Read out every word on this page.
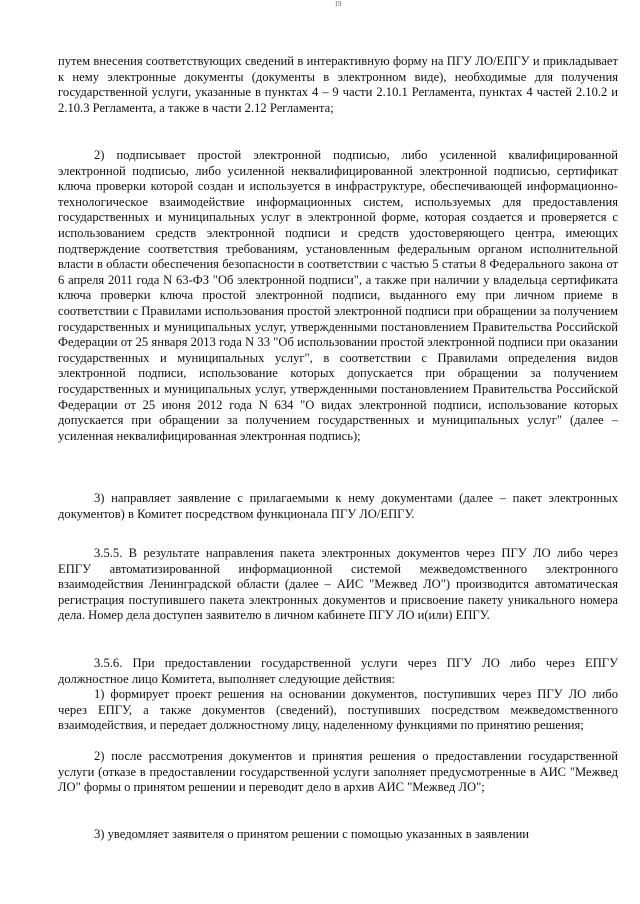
19

путем внесения соответствующих сведений в интерактивную форму на ПГУ ЛО/ЕПГУ и прикладывает к нему электронные документы (документы в электронном виде), необходимые для получения государственной услуги, указанные в пунктах 4 – 9 части 2.10.1 Регламента, пунктах 4 частей 2.10.2 и 2.10.3 Регламента, а также в части 2.12 Регламента;

2) подписывает простой электронной подписью, либо усиленной квалифицированной электронной подписью, либо усиленной неквалифицированной электронной подписью, сертификат ключа проверки которой создан и используется в инфраструктуре, обеспечивающей информационно-технологическое взаимодействие информационных систем, используемых для предоставления государственных и муниципальных услуг в электронной форме, которая создается и проверяется с использованием средств электронной подписи и средств удостоверяющего центра, имеющих подтверждение соответствия требованиям, установленным федеральным органом исполнительной власти в области обеспечения безопасности в соответствии с частью 5 статьи 8 Федерального закона от 6 апреля 2011 года N 63-ФЗ "Об электронной подписи", а также при наличии у владельца сертификата ключа проверки ключа простой электронной подписи, выданного ему при личном приеме в соответствии с Правилами использования простой электронной подписи при обращении за получением государственных и муниципальных услуг, утвержденными постановлением Правительства Российской Федерации от 25 января 2013 года N 33 "Об использовании простой электронной подписи при оказании государственных и муниципальных услуг", в соответствии с Правилами определения видов электронной подписи, использование которых допускается при обращении за получением государственных и муниципальных услуг, утвержденными постановлением Правительства Российской Федерации от 25 июня 2012 года N 634 "О видах электронной подписи, использование которых допускается при обращении за получением государственных и муниципальных услуг" (далее – усиленная неквалифицированная электронная подпись);

3) направляет заявление с прилагаемыми к нему документами (далее – пакет электронных документов) в Комитет посредством функционала ПГУ ЛО/ЕПГУ.

3.5.5. В результате направления пакета электронных документов через ПГУ ЛО либо через ЕПГУ автоматизированной информационной системой межведомственного электронного взаимодействия Ленинградской области (далее – АИС "Межвед ЛО") производится автоматическая регистрация поступившего пакета электронных документов и присвоение пакету уникального номера дела. Номер дела доступен заявителю в личном кабинете ПГУ ЛО и(или) ЕПГУ.

3.5.6. При предоставлении государственной услуги через ПГУ ЛО либо через ЕПГУ должностное лицо Комитета, выполняет следующие действия:

1) формирует проект решения на основании документов, поступивших через ПГУ ЛО либо через ЕПГУ, а также документов (сведений), поступивших посредством межведомственного взаимодействия, и передает должностному лицу, наделенному функциями по принятию решения;

2) после рассмотрения документов и принятия решения о предоставлении государственной услуги (отказе в предоставлении государственной услуги заполняет предусмотренные в АИС "Межвед ЛО" формы о принятом решении и переводит дело в архив АИС "Межвед ЛО";

3) уведомляет заявителя о принятом решении с помощью указанных в заявлении
